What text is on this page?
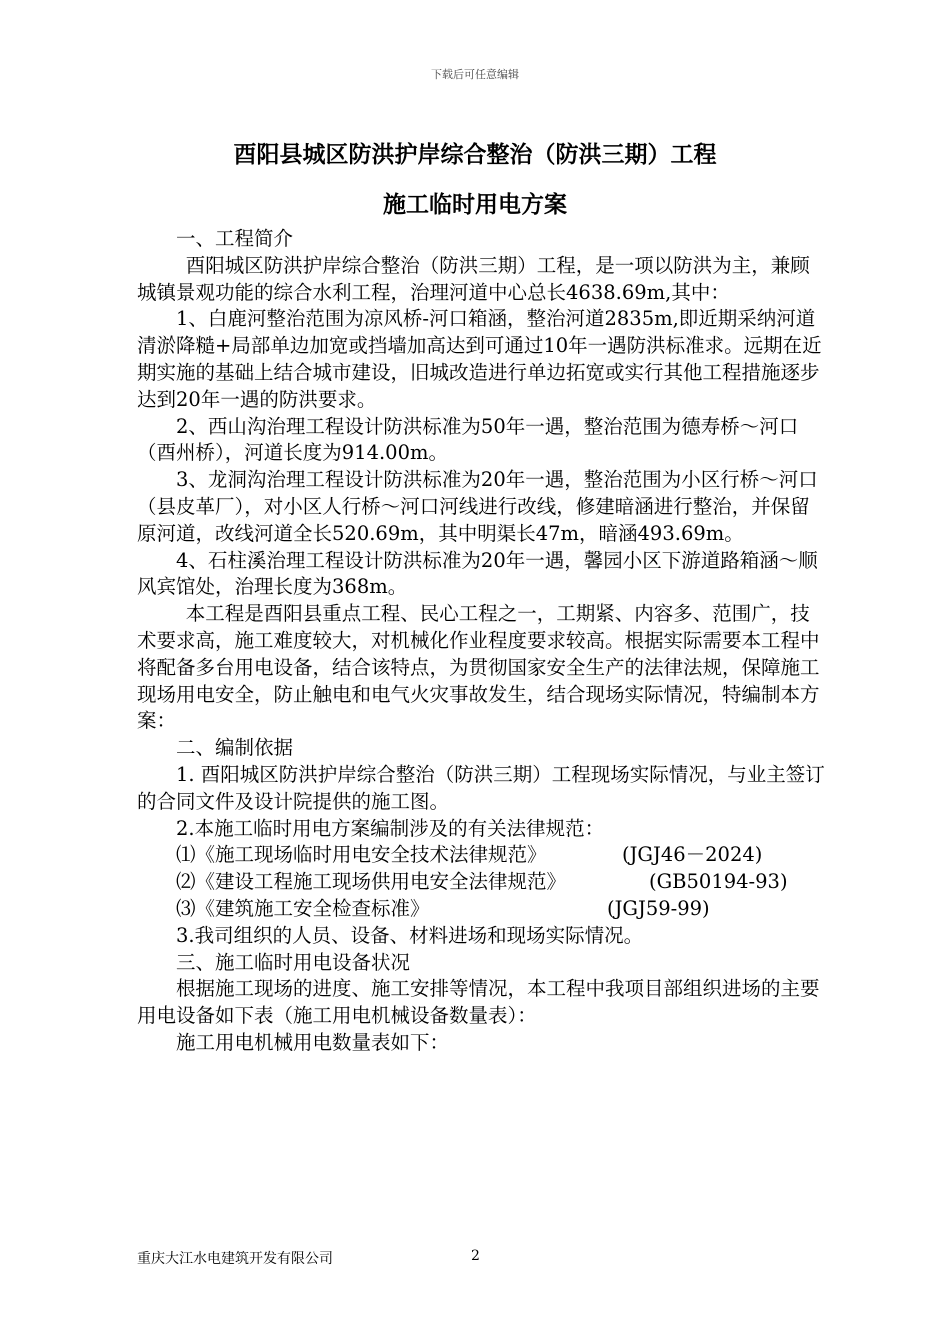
下载后可任意编辑
酉阳县城区防洪护岸综合整治（防洪三期）工程
施工临时用电方案

一、工程简介

酉阳城区防洪护岸综合整治（防洪三期）工程，是一项以防洪为主，兼顾城镇景观功能的综合水利工程，治理河道中心总长4638.69m,其中：

1、白鹿河整治范围为凉风桥-河口箱涵，整治河道2835m,即近期采纳河道清淤降糙+局部单边加宽或挡墙加高达到可通过10年一遇防洪标准求。远期在近期实施的基础上结合城市建设，旧城改造进行单边拓宽或实行其他工程措施逐步达到20年一遇的防洪要求。

2、西山沟治理工程设计防洪标准为50年一遇，整治范围为德寿桥～河口（酉州桥），河道长度为914.00m。

3、龙洞沟治理工程设计防洪标准为20年一遇，整治范围为小区行桥～河口（县皮革厂），对小区人行桥～河口河线进行改线，修建暗涵进行整治，并保留原河道，改线河道全长520.69m，其中明渠长47m，暗涵493.69m。

4、石柱溪治理工程设计防洪标准为20年一遇，馨园小区下游道路箱涵～顺风宾馆处，治理长度为368m。

本工程是酉阳县重点工程、民心工程之一，工期紧、内容多、范围广，技术要求高，施工难度较大，对机械化作业程度要求较高。根据实际需要本工程中将配备多台用电设备，结合该特点，为贯彻国家安全生产的法律法规，保障施工现场用电安全，防止触电和电气火灾事故发生，结合现场实际情况，特编制本方案：

二、编制依据

1. 酉阳城区防洪护岸综合整治（防洪三期）工程现场实际情况，与业主签订的合同文件及设计院提供的施工图。

2.本施工临时用电方案编制涉及的有关法律规范：

⑴《施工现场临时用电安全技术法律规范》	(JGJ46－2024)

⑵《建设工程施工现场供用电安全法律规范》	(GB50194-93)

⑶《建筑施工安全检查标准》	(JGJ59-99)

3.我司组织的人员、设备、材料进场和现场实际情况。

三、施工临时用电设备状况

根据施工现场的进度、施工安排等情况，本工程中我项目部组织进场的主要用电设备如下表（施工用电机械设备数量表）：

施工用电机械用电数量表如下：

重庆大江水电建筑开发有限公司	2
